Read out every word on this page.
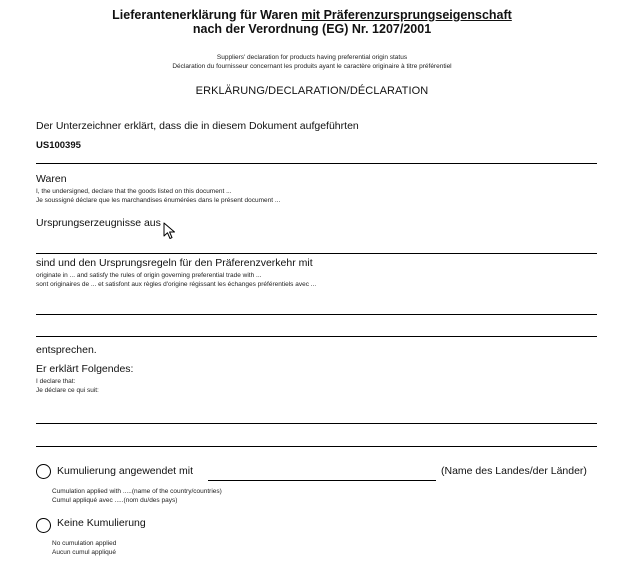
Lieferantenerklärung für Waren mit Präferenzursprungseigenschaft
nach der Verordnung (EG) Nr. 1207/2001
Suppliers' declaration for products having preferential origin status
Déclaration du fournisseur concernant les produits ayant le caractère originaire à titre préférentiel
ERKLÄRUNG/DECLARATION/DÉCLARATION
Der Unterzeichner erklärt, dass die in diesem Dokument aufgeführten
US100395
Waren
I, the undersigned, declare that the goods listed on this document ...
Je soussigné déclare que les marchandises énumérées dans le présent document ...
Ursprungserzeugnisse aus
sind und den Ursprungsregeln für den Präferenzverkehr mit
originate in ... and satisfy the rules of origin governing preferential trade with ...
sont originaires de ... et satisfont aux règles d'origine régissant les échanges préférentiels avec ...
entsprechen.
Er erklärt Folgendes:
I declare that:
Je déclare ce qui suit:
Kumulierung angewendet mit	(Name des Landes/der Länder)
Cumulation applied with .....(name of the country/countries)
Cumul appliqué avec .....(nom du/des pays)
Keine Kumulierung
No cumulation applied
Aucun cumul appliqué
